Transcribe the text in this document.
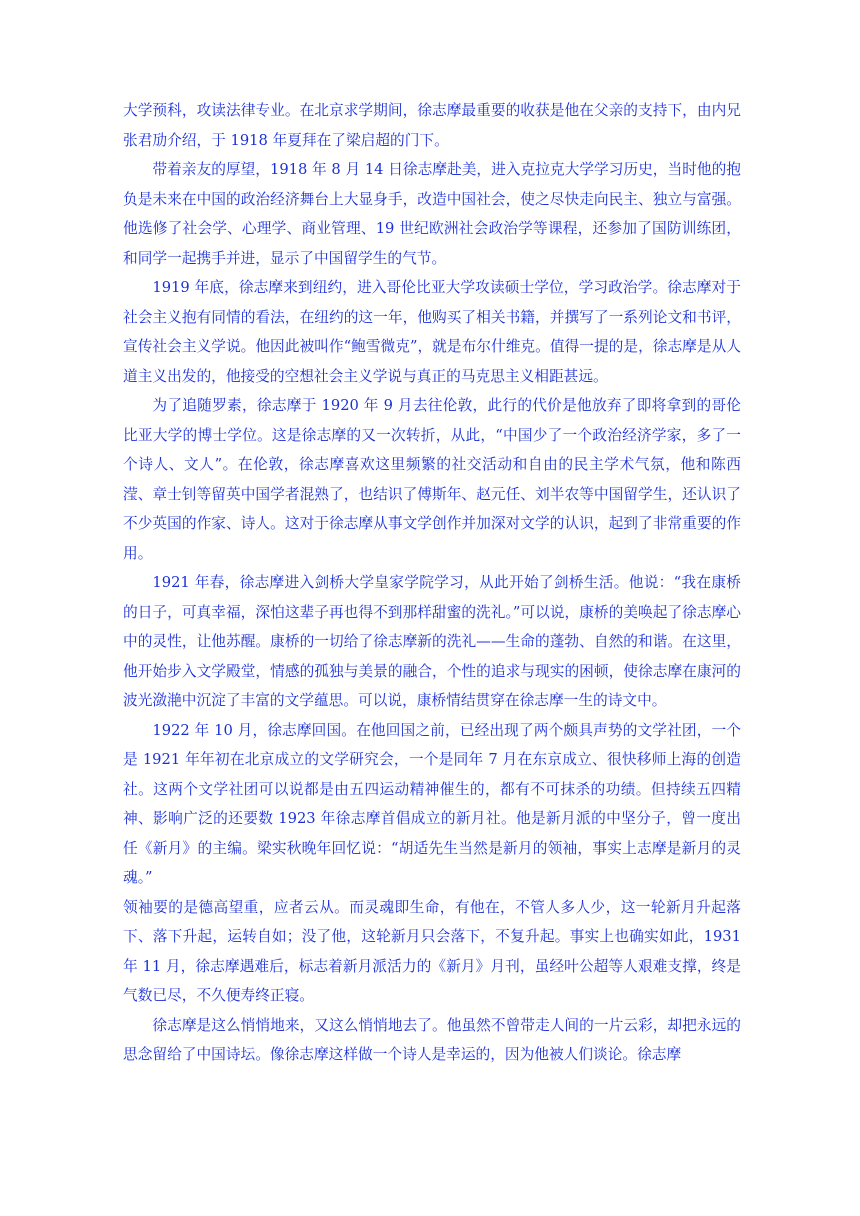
大学预科，攻读法律专业。在北京求学期间，徐志摩最重要的收获是他在父亲的支持下，由内兄张君劢介绍，于 1918 年夏拜在了梁启超的门下。

带着亲友的厚望，1918 年 8 月 14 日徐志摩赴美，进入克拉克大学学习历史，当时他的抱负是未来在中国的政治经济舞台上大显身手，改造中国社会，使之尽快走向民主、独立与富强。他选修了社会学、心理学、商业管理、19 世纪欧洲社会政治学等课程，还参加了国防训练团，和同学一起携手并进，显示了中国留学生的气节。

1919 年底，徐志摩来到纽约，进入哥伦比亚大学攻读硕士学位，学习政治学。徐志摩对于社会主义抱有同情的看法，在纽约的这一年，他购买了相关书籍，并撰写了一系列论文和书评，宣传社会主义学说。他因此被叫作“鲍雪微克”，就是布尔什维克。值得一提的是，徐志摩是从人道主义出发的，他接受的空想社会主义学说与真正的马克思主义相距甚远。

为了追随罗素，徐志摩于 1920 年 9 月去往伦敦，此行的代价是他放弃了即将拿到的哥伦比亚大学的博士学位。这是徐志摩的又一次转折，从此，“中国少了一个政治经济学家，多了一个诗人、文人”。在伦敦，徐志摩喜欢这里频繁的社交活动和自由的民主学术气氛，他和陈西滢、章士钊等留英中国学者混熟了，也结识了傅斯年、赵元任、刘半农等中国留学生，还认识了不少英国的作家、诗人。这对于徐志摩从事文学创作并加深对文学的认识，起到了非常重要的作用。

1921 年春，徐志摩进入剑桥大学皇家学院学习，从此开始了剑桥生活。他说：“我在康桥的日子，可真幸福，深怕这辈子再也得不到那样甜蜜的洗礼。”可以说，康桥的美唤起了徐志摩心中的灵性，让他苏醒。康桥的一切给了徐志摩新的洗礼——生命的蓬勃、自然的和谐。在这里，他开始步入文学殿堂，情感的孤独与美景的融合，个性的追求与现实的困顿，使徐志摩在康河的波光潋滟中沉淀了丰富的文学蕴思。可以说，康桥情结贯穿在徐志摩一生的诗文中。

1922 年 10 月，徐志摩回国。在他回国之前，已经出现了两个颇具声势的文学社团，一个是 1921 年年初在北京成立的文学研究会，一个是同年 7 月在东京成立、很快移师上海的创造社。这两个文学社团可以说都是由五四运动精神催生的，都有不可抹杀的功绩。但持续五四精神、影响广泛的还要数 1923 年徐志摩首倡成立的新月社。他是新月派的中坚分子，曾一度出任《新月》的主编。梁实秋晚年回忆说：“胡适先生当然是新月的领袖，事实上志摩是新月的灵魂。”

领袖要的是德高望重，应者云从。而灵魂即生命，有他在，不管人多人少，这一轮新月升起落下、落下升起，运转自如；没了他，这轮新月只会落下，不复升起。事实上也确实如此，1931 年 11 月，徐志摩遇难后，标志着新月派活力的《新月》月刊，虽经叶公超等人艰难支撑，终是气数已尽，不久便寿终正寝。

徐志摩是这么悄悄地来，又这么悄悄地去了。他虽然不曾带走人间的一片云彩，却把永远的思念留给了中国诗坛。像徐志摩这样做一个诗人是幸运的，因为他被人们谈论。徐志摩
